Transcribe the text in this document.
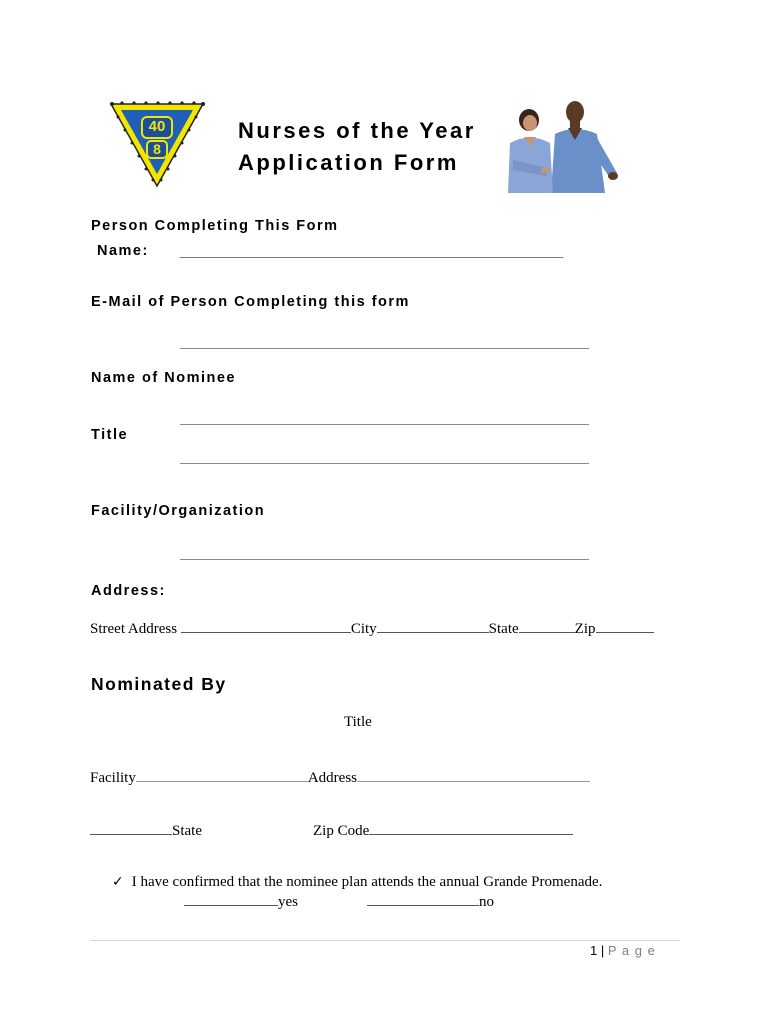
40
8
Nurses of the Year
Application Form
Person Completing This Form
Name: ________________________________________________
E-Mail of Person Completing this form
Name of Nominee
Title
Facility/Organization
Address:
Street Address	City	State	Zip
Nominated By
Title
Facility	Address
State	Zip Code
✓ I have confirmed that the nominee plan attends the annual Grande Promenade.
yes	no
1 | P a g e
